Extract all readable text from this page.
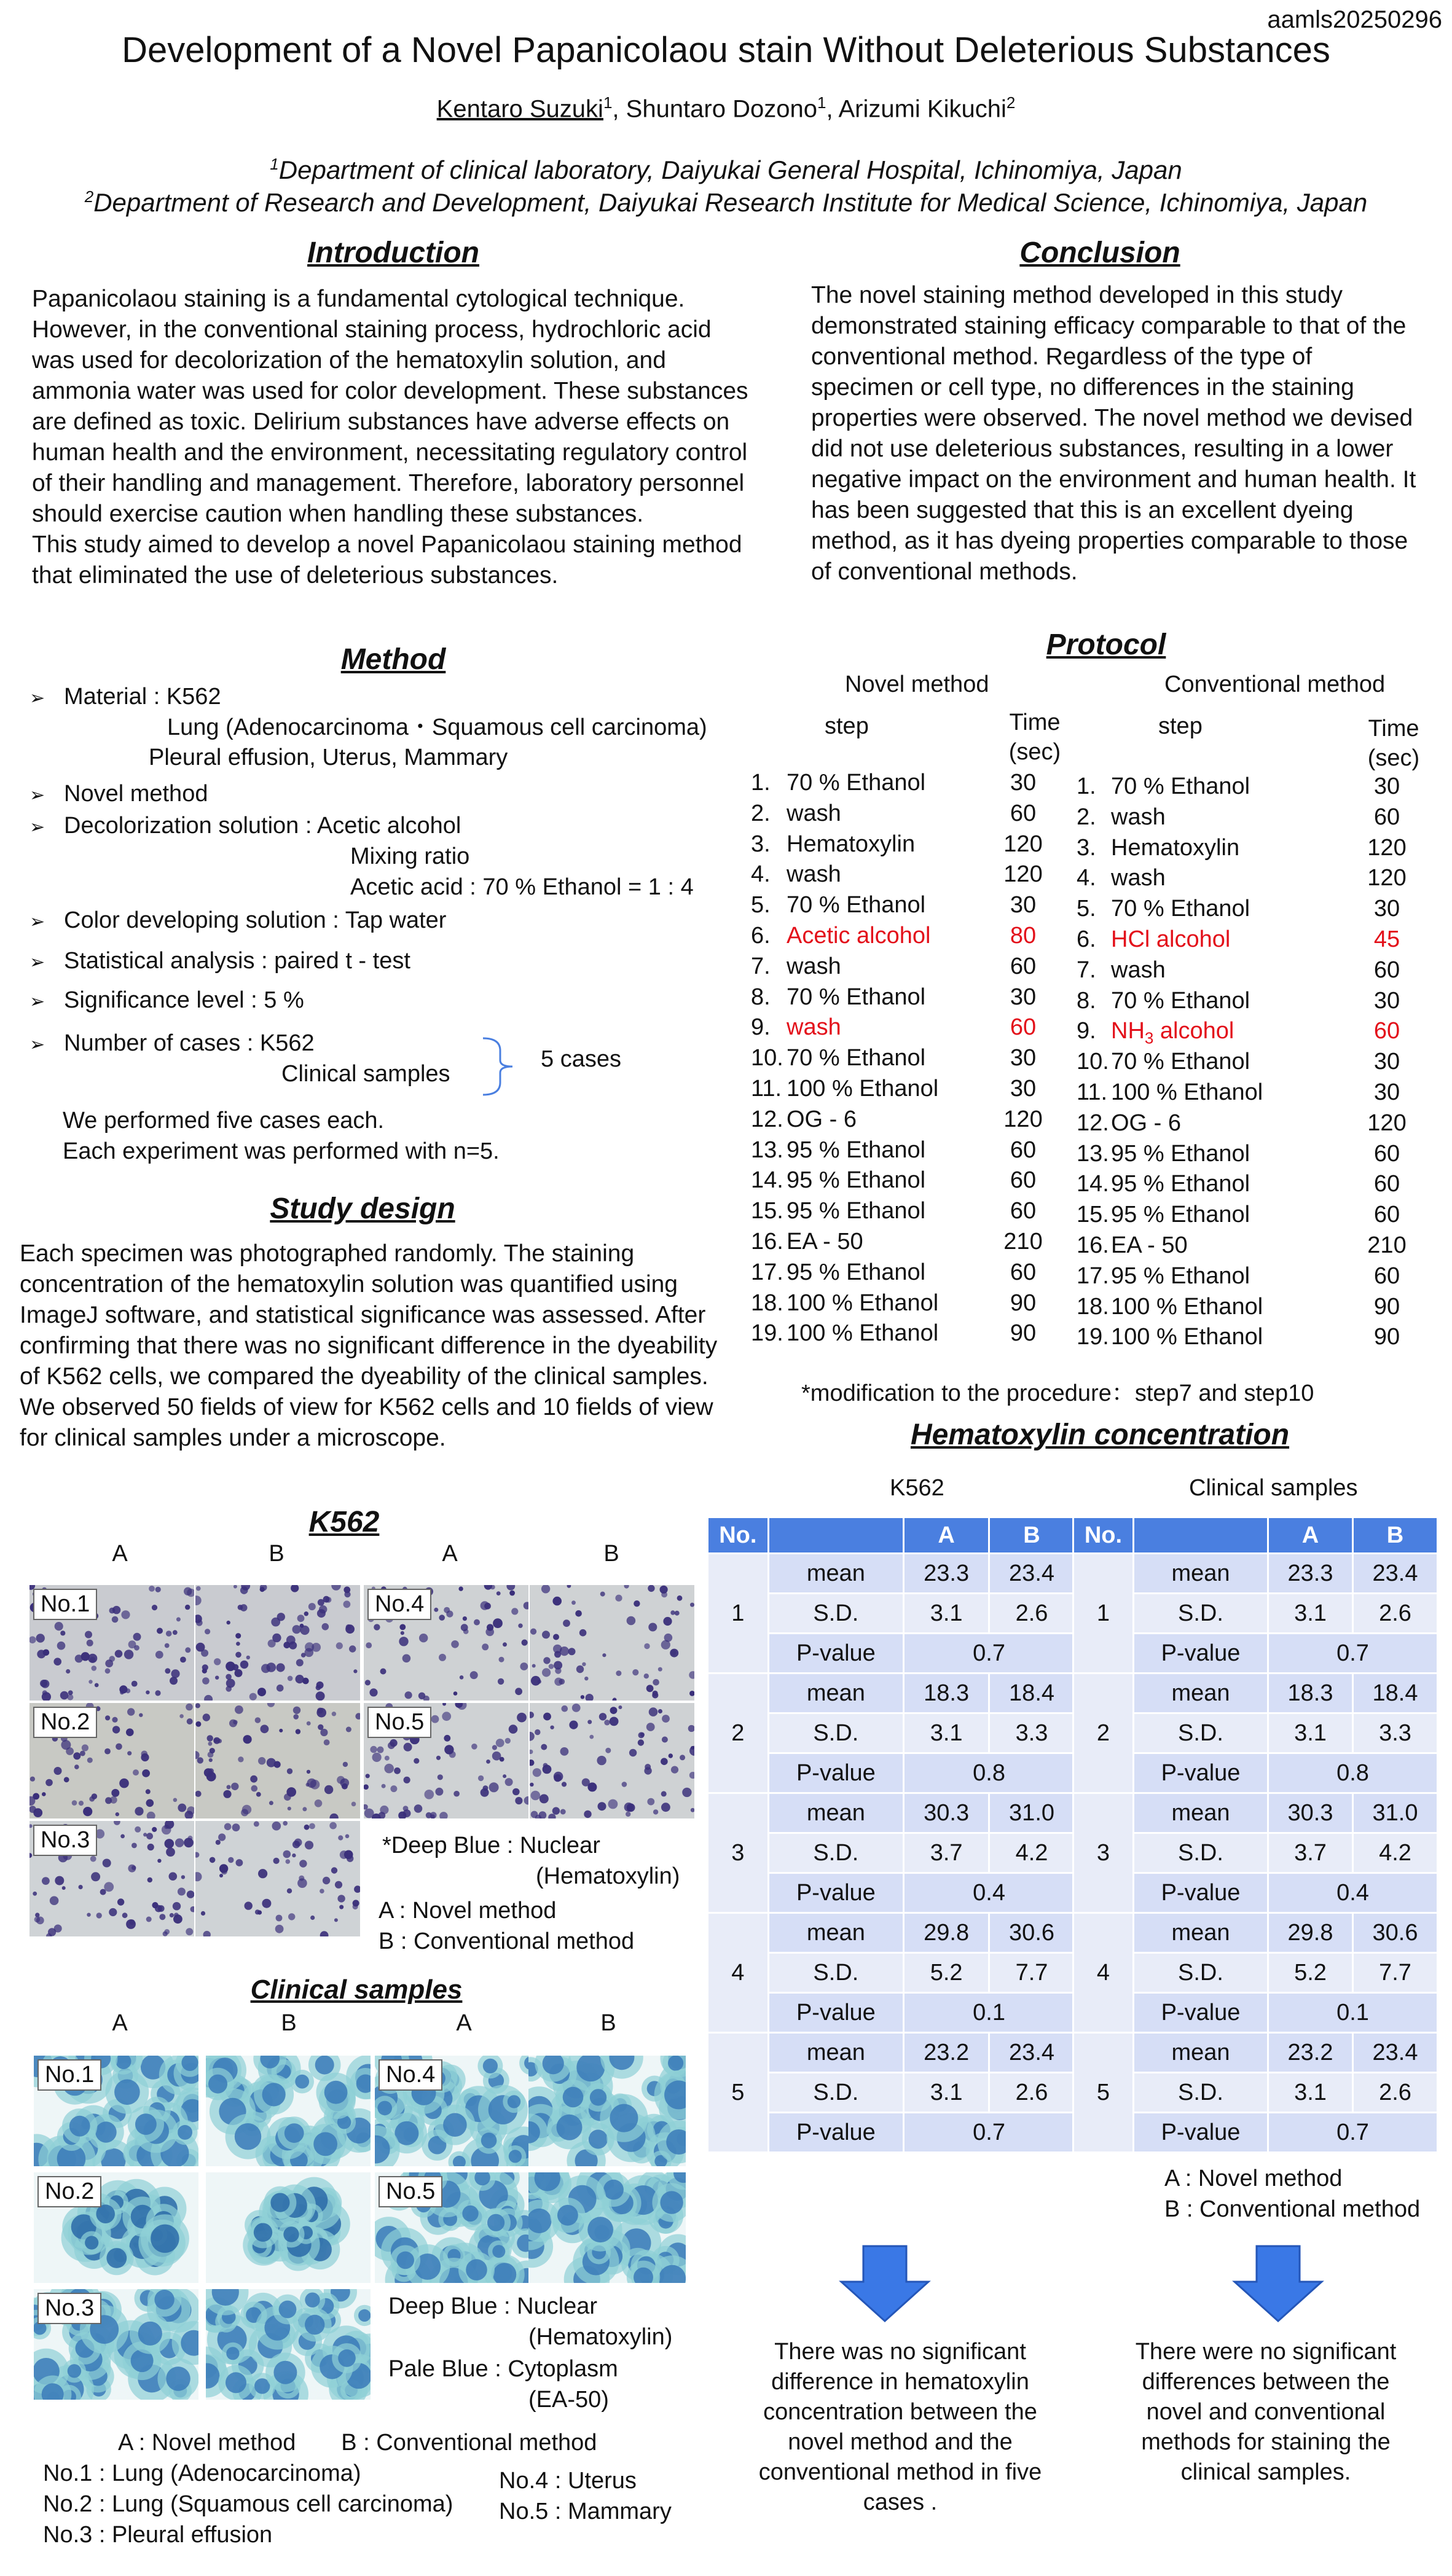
aamls20250296
Development of a Novel Papanicolaou stain Without Deleterious Substances
Kentaro Suzuki$^1$, Shuntaro Dozono$^1$, Arizumi Kikuchi$^2$
$^1$Department of clinical laboratory, Daiyukai General Hospital, Ichinomiya, Japan
$^2$Department of Research and Development, Daiyukai Research Institute for Medical Science, Ichinomiya, Japan
Introduction

Papanicolaou staining is a fundamental cytological technique. However, in the conventional staining process, hydrochloric acid was used for decolorization of the hematoxylin solution, and ammonia water was used for color development. These substances are defined as toxic. Delirium substances have adverse effects on human health and the environment, necessitating regulatory control of their handling and management. Therefore, laboratory personnel should exercise caution when handling these substances.

This study aimed to develop a novel Papanicolaou staining method that eliminated the use of deleterious substances.

Method
➢ Material : K562
Lung (Adenocarcinoma・Squamous cell carcinoma)
Pleural effusion, Uterus, Mammary
➢ Novel method
➢ Decolorization solution : Acetic alcohol
Mixing ratio
Acetic acid : 70 % Ethanol = 1 : 4
➢ Color developing solution : Tap water
➢ Statistical analysis : paired t - test
➢ Significance level : 5 %
➢ Number of cases : K562
Clinical samples
5 cases
We performed five cases each.
Each experiment was performed with n=5.
Study design

Each specimen was photographed randomly. The staining concentration of the hematoxylin solution was quantified using ImageJ software, and statistical significance was assessed. After confirming that there was no significant difference in the dyeability of K562 cells, we compared the dyeability of the clinical samples.

We observed 50 fields of view for K562 cells and 10 fields of view for clinical samples under a microscope.

K562
A	B	A	B
No.1
No.2
No.3
No.4
No.5
*Deep Blue : Nuclear
(Hematoxylin)
A : Novel method
B : Conventional method
Clinical samples
A	B	A	B
No.1
No.2
No.3
No.4
No.5
Deep Blue : Nuclear
(Hematoxylin)
Pale Blue : Cytoplasm
(EA-50)
A : Novel method       B : Conventional method
No.1 : Lung (Adenocarcinoma)
No.2 : Lung (Squamous cell carcinoma)
No.3 : Pleural effusion
No.4 : Uterus
No.5 : Mammary
Conclusion

The novel staining method developed in this study demonstrated staining efficacy comparable to that of the conventional method. Regardless of the type of specimen or cell type, no differences in the staining properties were observed. The novel method we devised did not use deleterious substances, resulting in a lower negative impact on the environment and human health. It has been suggested that this is an excellent dyeing method, as it has dyeing properties comparable to those of conventional methods.

Protocol
Novel method	Conventional method
step	Time
(sec)
step	Time
(sec)
1. 70 % Ethanol	30
2. wash	60
3. Hematoxylin	120
4. wash	120
5. 70 % Ethanol	30
6. Acetic alcohol	80
7. wash	60
8. 70 % Ethanol	30
9. wash	60
10. 70 % Ethanol	30
11. 100 % Ethanol	30
12. OG - 6	120
13. 95 % Ethanol	60
14. 95 % Ethanol	60
15. 95 % Ethanol	60
16. EA - 50	210
17. 95 % Ethanol	60
18. 100 % Ethanol	90
19. 100 % Ethanol	90
1. 70 % Ethanol	30
2. wash	60
3. Hematoxylin	120
4. wash	120
5. 70 % Ethanol	30
6. HCl alcohol	45
7. wash	60
8. 70 % Ethanol	30
9. $NH_3$ alcohol	60
10. 70 % Ethanol	30
11. 100 % Ethanol	30
12. OG - 6	120
13. 95 % Ethanol	60
14. 95 % Ethanol	60
15. 95 % Ethanol	60
16. EA - 50	210
17. 95 % Ethanol	60
18. 100 % Ethanol	90
19. 100 % Ethanol	90
*modification to the procedure：step7 and step10
Hematoxylin concentration
K562	Clinical samples
No.		A	B
1	mean	23.3	23.4
	S.D.	3.1	2.6
	P-value	0.7	
2	mean	18.3	18.4
	S.D.	3.1	3.3
	P-value	0.8	
3	mean	30.3	31.0
	S.D.	3.7	4.2
	P-value	0.4	
4	mean	29.8	30.6
	S.D.	5.2	7.7
	P-value	0.1	
5	mean	23.2	23.4
	S.D.	3.1	2.6
	P-value	0.7	
No.		A	B
1	mean	23.3	23.4
	S.D.	3.1	2.6
	P-value	0.7	
2	mean	18.3	18.4
	S.D.	3.1	3.3
	P-value	0.8	
3	mean	30.3	31.0
	S.D.	3.7	4.2
	P-value	0.4	
4	mean	29.8	30.6
	S.D.	5.2	7.7
	P-value	0.1	
5	mean	23.2	23.4
	S.D.	3.1	2.6
	P-value	0.7	
A : Novel method
B : Conventional method
There was no significant difference in hematoxylin concentration between the novel method and the conventional method in five cases .
There were no significant differences between the novel and conventional methods for staining the clinical samples.
